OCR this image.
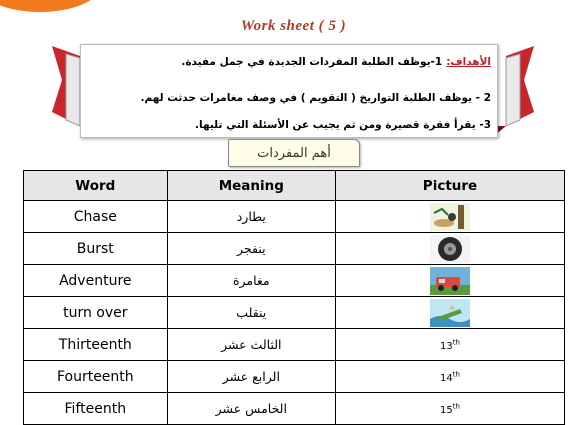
Work sheet ( 5 )
الأهداف:1-يوظف الطلبة المفردات الجديدة في جمل مفيدة.
2 - يوظف الطلبة التواريخ ( التقويم ) في وصف مغامرات حدثت لهم.
3- يقرأ فقرة قصيرة ومن ثم يجيب عن الأسئلة التي تليها.
أهم المفردات
Word	Meaning	Picture
Chase	يطارد	
Burst	ينفجر	
Adventure	مغامرة	
turn over	ينقلب	
Thirteenth	الثالث عشر	13th
Fourteenth	الرابع عشر	14th
Fifteenth	الخامس عشر	15th
